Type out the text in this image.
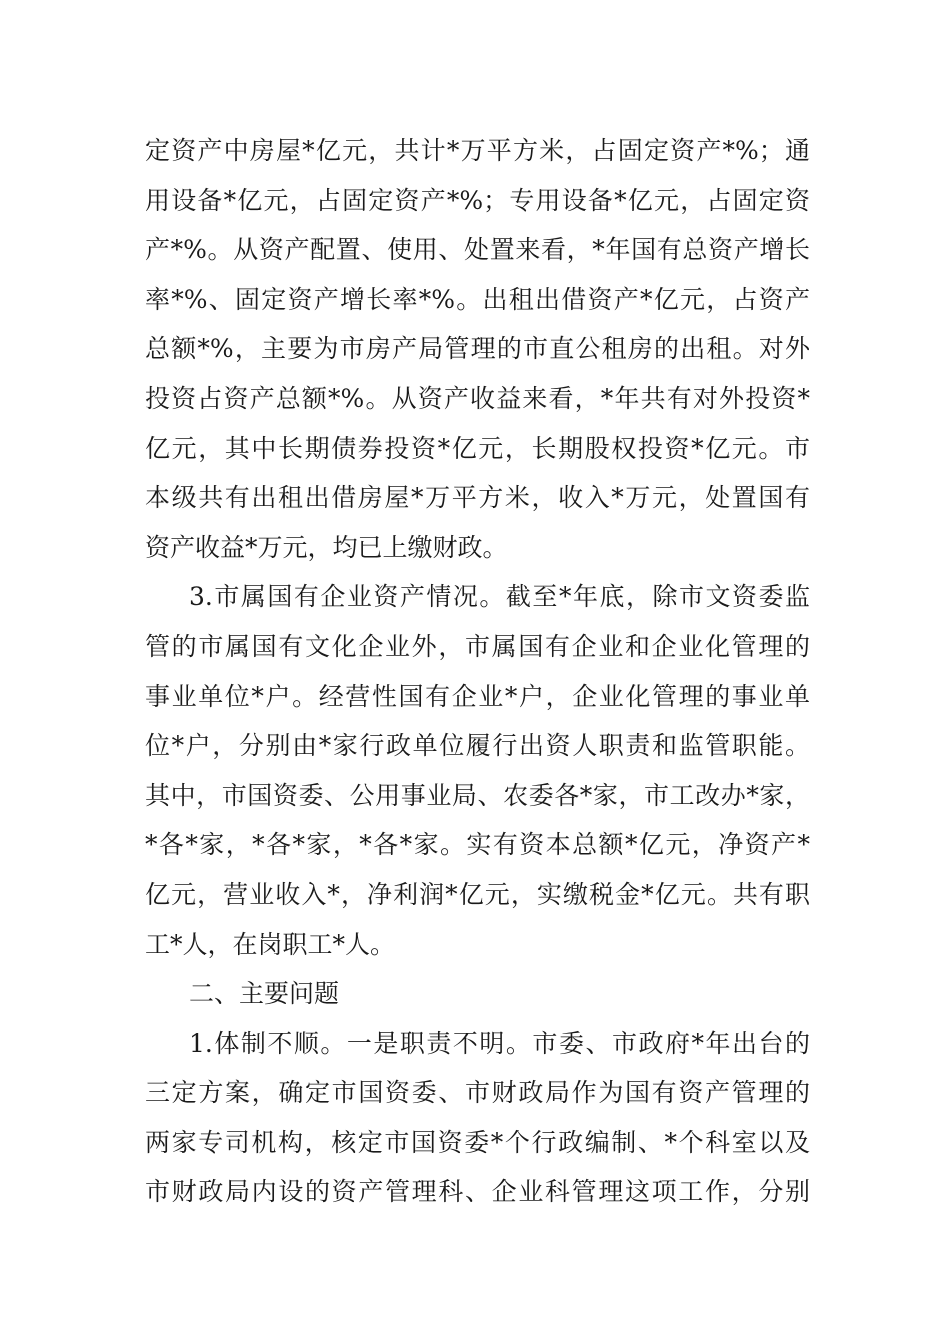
定资产中房屋*亿元，共计*万平方米，占固定资产*%；通
用设备*亿元，占固定资产*%；专用设备*亿元，占固定资
产*%。从资产配置、使用、处置来看，*年国有总资产增长
率*%、固定资产增长率*%。出租出借资产*亿元，占资产
总额*%，主要为市房产局管理的市直公租房的出租。对外
投资占资产总额*%。从资产收益来看，*年共有对外投资*
亿元，其中长期债券投资*亿元，长期股权投资*亿元。市
本级共有出租出借房屋*万平方米，收入*万元，处置国有
资产收益*万元，均已上缴财政。
3.市属国有企业资产情况。截至*年底，除市文资委监
管的市属国有文化企业外，市属国有企业和企业化管理的
事业单位*户。经营性国有企业*户，企业化管理的事业单
位*户，分别由*家行政单位履行出资人职责和监管职能。
其中，市国资委、公用事业局、农委各*家，市工改办*家，
*各*家，*各*家，*各*家。实有资本总额*亿元，净资产*
亿元，营业收入*，净利润*亿元，实缴税金*亿元。共有职
工*人，在岗职工*人。
二、主要问题
1.体制不顺。一是职责不明。市委、市政府*年出台的
三定方案，确定市国资委、市财政局作为国有资产管理的
两家专司机构，核定市国资委*个行政编制、*个科室以及
市财政局内设的资产管理科、企业科管理这项工作，分别
